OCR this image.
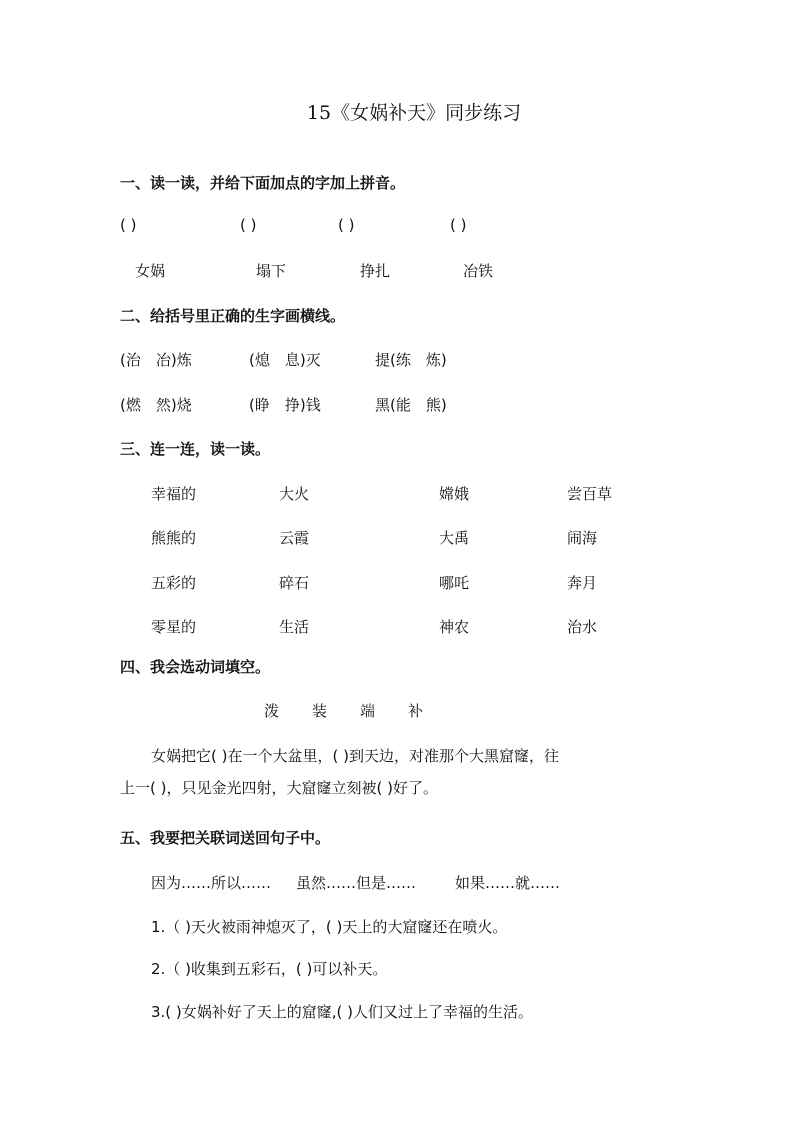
15《女娲补天》同步练习
一、读一读，并给下面加点的字加上拼音。
( )	( )	( )	( )
女娲	塌下	挣扎	冶铁
二、给括号里正确的生字画横线。
(治　冶)炼	(熄　息)灭	提(练　炼)
(燃　然)烧	(睁　挣)钱	黑(能　熊)
三、连一连，读一读。
幸福的	大火	嫦娥	尝百草
熊熊的	云霞	大禹	闹海
五彩的	碎石	哪吒	奔月
零星的	生活	神农	治水
四、我会选动词填空。
泼 装 端 补
女娲把它( )在一个大盆里，( )到天边，对准那个大黑窟窿，往
上一( )，只见金光四射，大窟窿立刻被( )好了。
五、我要把关联词送回句子中。
因为……所以…… 虽然……但是……	如果……就……
1.（ )天火被雨神熄灭了，( )天上的大窟窿还在喷火。
2.（ )收集到五彩石，( )可以补天。
3.( )女娲补好了天上的窟窿,( )人们又过上了幸福的生活。
